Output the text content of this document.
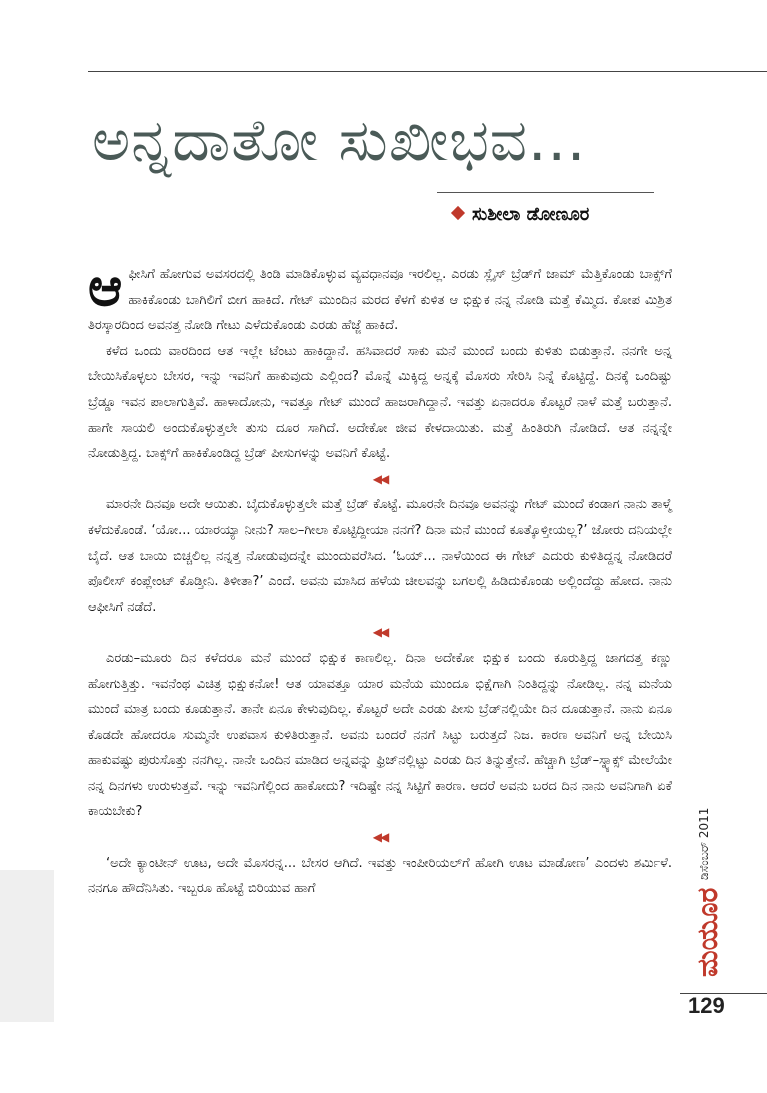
ಅನ್ನದಾತೋ ಸುಖೀಭವ...
ಸುಶೀಲಾ ಡೋಣೂರ

ಆಫೀಸಿಗೆ ಹೋಗುವ ಅವಸರದಲ್ಲಿ ತಿಂಡಿ ಮಾಡಿಕೊಳ್ಳುವ ವ್ಯವಧಾನವೂ ಇರಲಿಲ್ಲ. ಎರಡು ಸ್ಲೈಸ್ ಬ್ರೆಡ್‌ಗೆ ಜಾಮ್ ಮೆತ್ತಿಕೊಂಡು ಬಾಕ್ಸ್‌ಗೆ ಹಾಕಿಕೊಂಡು ಬಾಗಿಲಿಗೆ ಬೀಗ ಹಾಕಿದೆ. ಗೇಟ್ ಮುಂದಿನ ಮರದ ಕೆಳಗೆ ಕುಳಿತ ಆ ಭಿಕ್ಷುಕ ನನ್ನ ನೋಡಿ ಮತ್ತೆ ಕೆಮ್ಮಿದ. ಕೋಪ ಮಿಶ್ರಿತ ತಿರಸ್ಕಾರದಿಂದ ಅವನತ್ತ ನೋಡಿ ಗೇಟು ಎಳೆದುಕೊಂಡು ಎರಡು ಹೆಜ್ಜೆ ಹಾಕಿದೆ.

ಕಳೆದ ಒಂದು ವಾರದಿಂದ ಆತ ಇಲ್ಲೇ ಟೆಂಟು ಹಾಕಿದ್ದಾನೆ. ಹಸಿವಾದರೆ ಸಾಕು ಮನೆ ಮುಂದೆ ಬಂದು ಕುಳಿತು ಬಿಡುತ್ತಾನೆ. ನನಗೇ ಅನ್ನ ಬೇಯಿಸಿಕೊಳ್ಳಲು ಬೇಸರ, ಇನ್ನು ಇವನಿಗೆ ಹಾಕುವುದು ಎಲ್ಲಿಂದ? ಮೊನ್ನೆ ಮಿಕ್ಕಿದ್ದ ಅನ್ನಕ್ಕೆ ಮೊಸರು ಸೇರಿಸಿ ನಿನ್ನೆ ಕೊಟ್ಟಿದ್ದೆ. ದಿನಕ್ಕೆ ಒಂದಿಷ್ಟು ಬ್ರೆಡ್ಡೂ ಇವನ ಪಾಲಾಗುತ್ತಿವೆ. ಹಾಳಾದೋನು, ಇವತ್ತೂ ಗೇಟ್ ಮುಂದೆ ಹಾಜರಾಗಿದ್ದಾನೆ. ಇವತ್ತು ಏನಾದರೂ ಕೊಟ್ಟರೆ ನಾಳೆ ಮತ್ತೆ ಬರುತ್ತಾನೆ. ಹಾಗೇ ಸಾಯಲಿ ಅಂದುಕೊಳ್ಳುತ್ತಲೇ ತುಸು ದೂರ ಸಾಗಿದೆ. ಅದೇಕೋ ಜೀವ ಕೇಳದಾಯಿತು. ಮತ್ತೆ ಹಿಂತಿರುಗಿ ನೋಡಿದೆ. ಆತ ನನ್ನನ್ನೇ ನೋಡುತ್ತಿದ್ದ. ಬಾಕ್ಸ್‌ಗೆ ಹಾಕಿಕೊಂಡಿದ್ದ ಬ್ರೆಡ್ ಪೀಸುಗಳನ್ನು ಅವನಿಗೆ ಕೊಟ್ಟೆ.

◀◀

ಮಾರನೇ ದಿನವೂ ಅದೇ ಆಯಿತು. ಬೈದುಕೊಳ್ಳುತ್ತಲೇ ಮತ್ತೆ ಬ್ರೆಡ್ ಕೊಟ್ಟೆ. ಮೂರನೇ ದಿನವೂ ಅವನನ್ನು ಗೇಟ್ ಮುಂದೆ ಕಂಡಾಗ ನಾನು ತಾಳ್ಮೆ ಕಳೆದುಕೊಂಡೆ. ‘ಯೋ... ಯಾರಯ್ಯಾ ನೀನು? ಸಾಲ–ಗೀಲಾ ಕೊಟ್ಟಿದ್ದೀಯಾ ನನಗೆ? ದಿನಾ ಮನೆ ಮುಂದೆ ಕೂತ್ಕೊಳ್ತೀಯಲ್ಲ?’ ಜೋರು ದನಿಯಲ್ಲೇ ಬೈದೆ. ಆತ ಬಾಯಿ ಬಿಚ್ಚಲಿಲ್ಲ ನನ್ನತ್ತ ನೋಡುವುದನ್ನೇ ಮುಂದುವರೆಸಿದ. ‘ಓಯ್... ನಾಳೆಯಿಂದ ಈ ಗೇಟ್ ಎದುರು ಕುಳಿತಿದ್ದನ್ನ ನೋಡಿದರೆ ಪೊಲೀಸ್ ಕಂಪ್ಲೇಂಟ್ ಕೊಡ್ತೀನಿ. ತಿಳೀತಾ?’ ಎಂದೆ. ಅವನು ಮಾಸಿದ ಹಳೆಯ ಚೀಲವನ್ನು ಬಗಲಲ್ಲಿ ಹಿಡಿದುಕೊಂಡು ಅಲ್ಲಿಂದೆದ್ದು ಹೋದ. ನಾನು ಆಫೀಸಿಗೆ ನಡೆದೆ.

◀◀

ಎರಡು–ಮೂರು ದಿನ ಕಳೆದರೂ ಮನೆ ಮುಂದೆ ಭಿಕ್ಷುಕ ಕಾಣಲಿಲ್ಲ. ದಿನಾ ಅದೇಕೋ ಭಿಕ್ಷುಕ ಬಂದು ಕೂರುತ್ತಿದ್ದ ಜಾಗದತ್ತ ಕಣ್ಣು ಹೋಗುತ್ತಿತ್ತು. ಇವನೆಂಥ ವಿಚಿತ್ರ ಭಿಕ್ಷುಕನೋ! ಆತ ಯಾವತ್ತೂ ಯಾರ ಮನೆಯ ಮುಂದೂ ಭಿಕ್ಷೆಗಾಗಿ ನಿಂತಿದ್ದನ್ನು ನೋಡಿಲ್ಲ. ನನ್ನ ಮನೆಯ ಮುಂದೆ ಮಾತ್ರ ಬಂದು ಕೂಡುತ್ತಾನೆ. ತಾನೇ ಏನೂ ಕೇಳುವುದಿಲ್ಲ. ಕೊಟ್ಟರೆ ಅದೇ ಎರಡು ಪೀಸು ಬ್ರೆಡ್‌ನಲ್ಲಿಯೇ ದಿನ ದೂಡುತ್ತಾನೆ. ನಾನು ಏನೂ ಕೊಡದೇ ಹೋದರೂ ಸುಮ್ಮನೇ ಉಪವಾಸ ಕುಳಿತಿರುತ್ತಾನೆ. ಅವನು ಬಂದರೆ ನನಗೆ ಸಿಟ್ಟು ಬರುತ್ತದೆ ನಿಜ. ಕಾರಣ ಅವನಿಗೆ ಅನ್ನ ಬೇಯಿಸಿ ಹಾಕುವಷ್ಟು ಪುರುಸೊತ್ತು ನನಗಿಲ್ಲ. ನಾನೇ ಒಂದಿನ ಮಾಡಿದ ಅನ್ನವನ್ನು ಫ್ರಿಜ್‌ನಲ್ಲಿಟ್ಟು ಎರಡು ದಿನ ತಿನ್ನುತ್ತೇನೆ. ಹೆಚ್ಚಾಗಿ ಬ್ರೆಡ್–ಸ್ನ್ಯಾಕ್ಸ್ ಮೇಲೆಯೇ ನನ್ನ ದಿನಗಳು ಉರುಳುತ್ತವೆ. ಇನ್ನು ಇವನಿಗೆಲ್ಲಿಂದ ಹಾಕೋದು? ಇದಿಷ್ಟೇ ನನ್ನ ಸಿಟ್ಟಿಗೆ ಕಾರಣ. ಆದರೆ ಅವನು ಬರದ ದಿನ ನಾನು ಅವನಿಗಾಗಿ ಏಕೆ ಕಾಯಬೇಕು?

◀◀

‘ಅದೇ ಕ್ಯಾಂಟೀನ್ ಊಟ, ಅದೇ ಮೊಸರನ್ನ... ಬೇಸರ ಆಗಿದೆ. ಇವತ್ತು ಇಂಪೀರಿಯಲ್‌ಗೆ ಹೋಗಿ ಊಟ ಮಾಡೋಣ’ ಎಂದಳು ಶರ್ಮಿಳೆ. ನನಗೂ ಹೌದೆನಿಸಿತು. ಇಬ್ಬರೂ ಹೊಟ್ಟೆ ಬಿರಿಯುವ ಹಾಗೆ

ಡಿಸೆಂಬರ್ 2011
ಮಯೂರ
129
